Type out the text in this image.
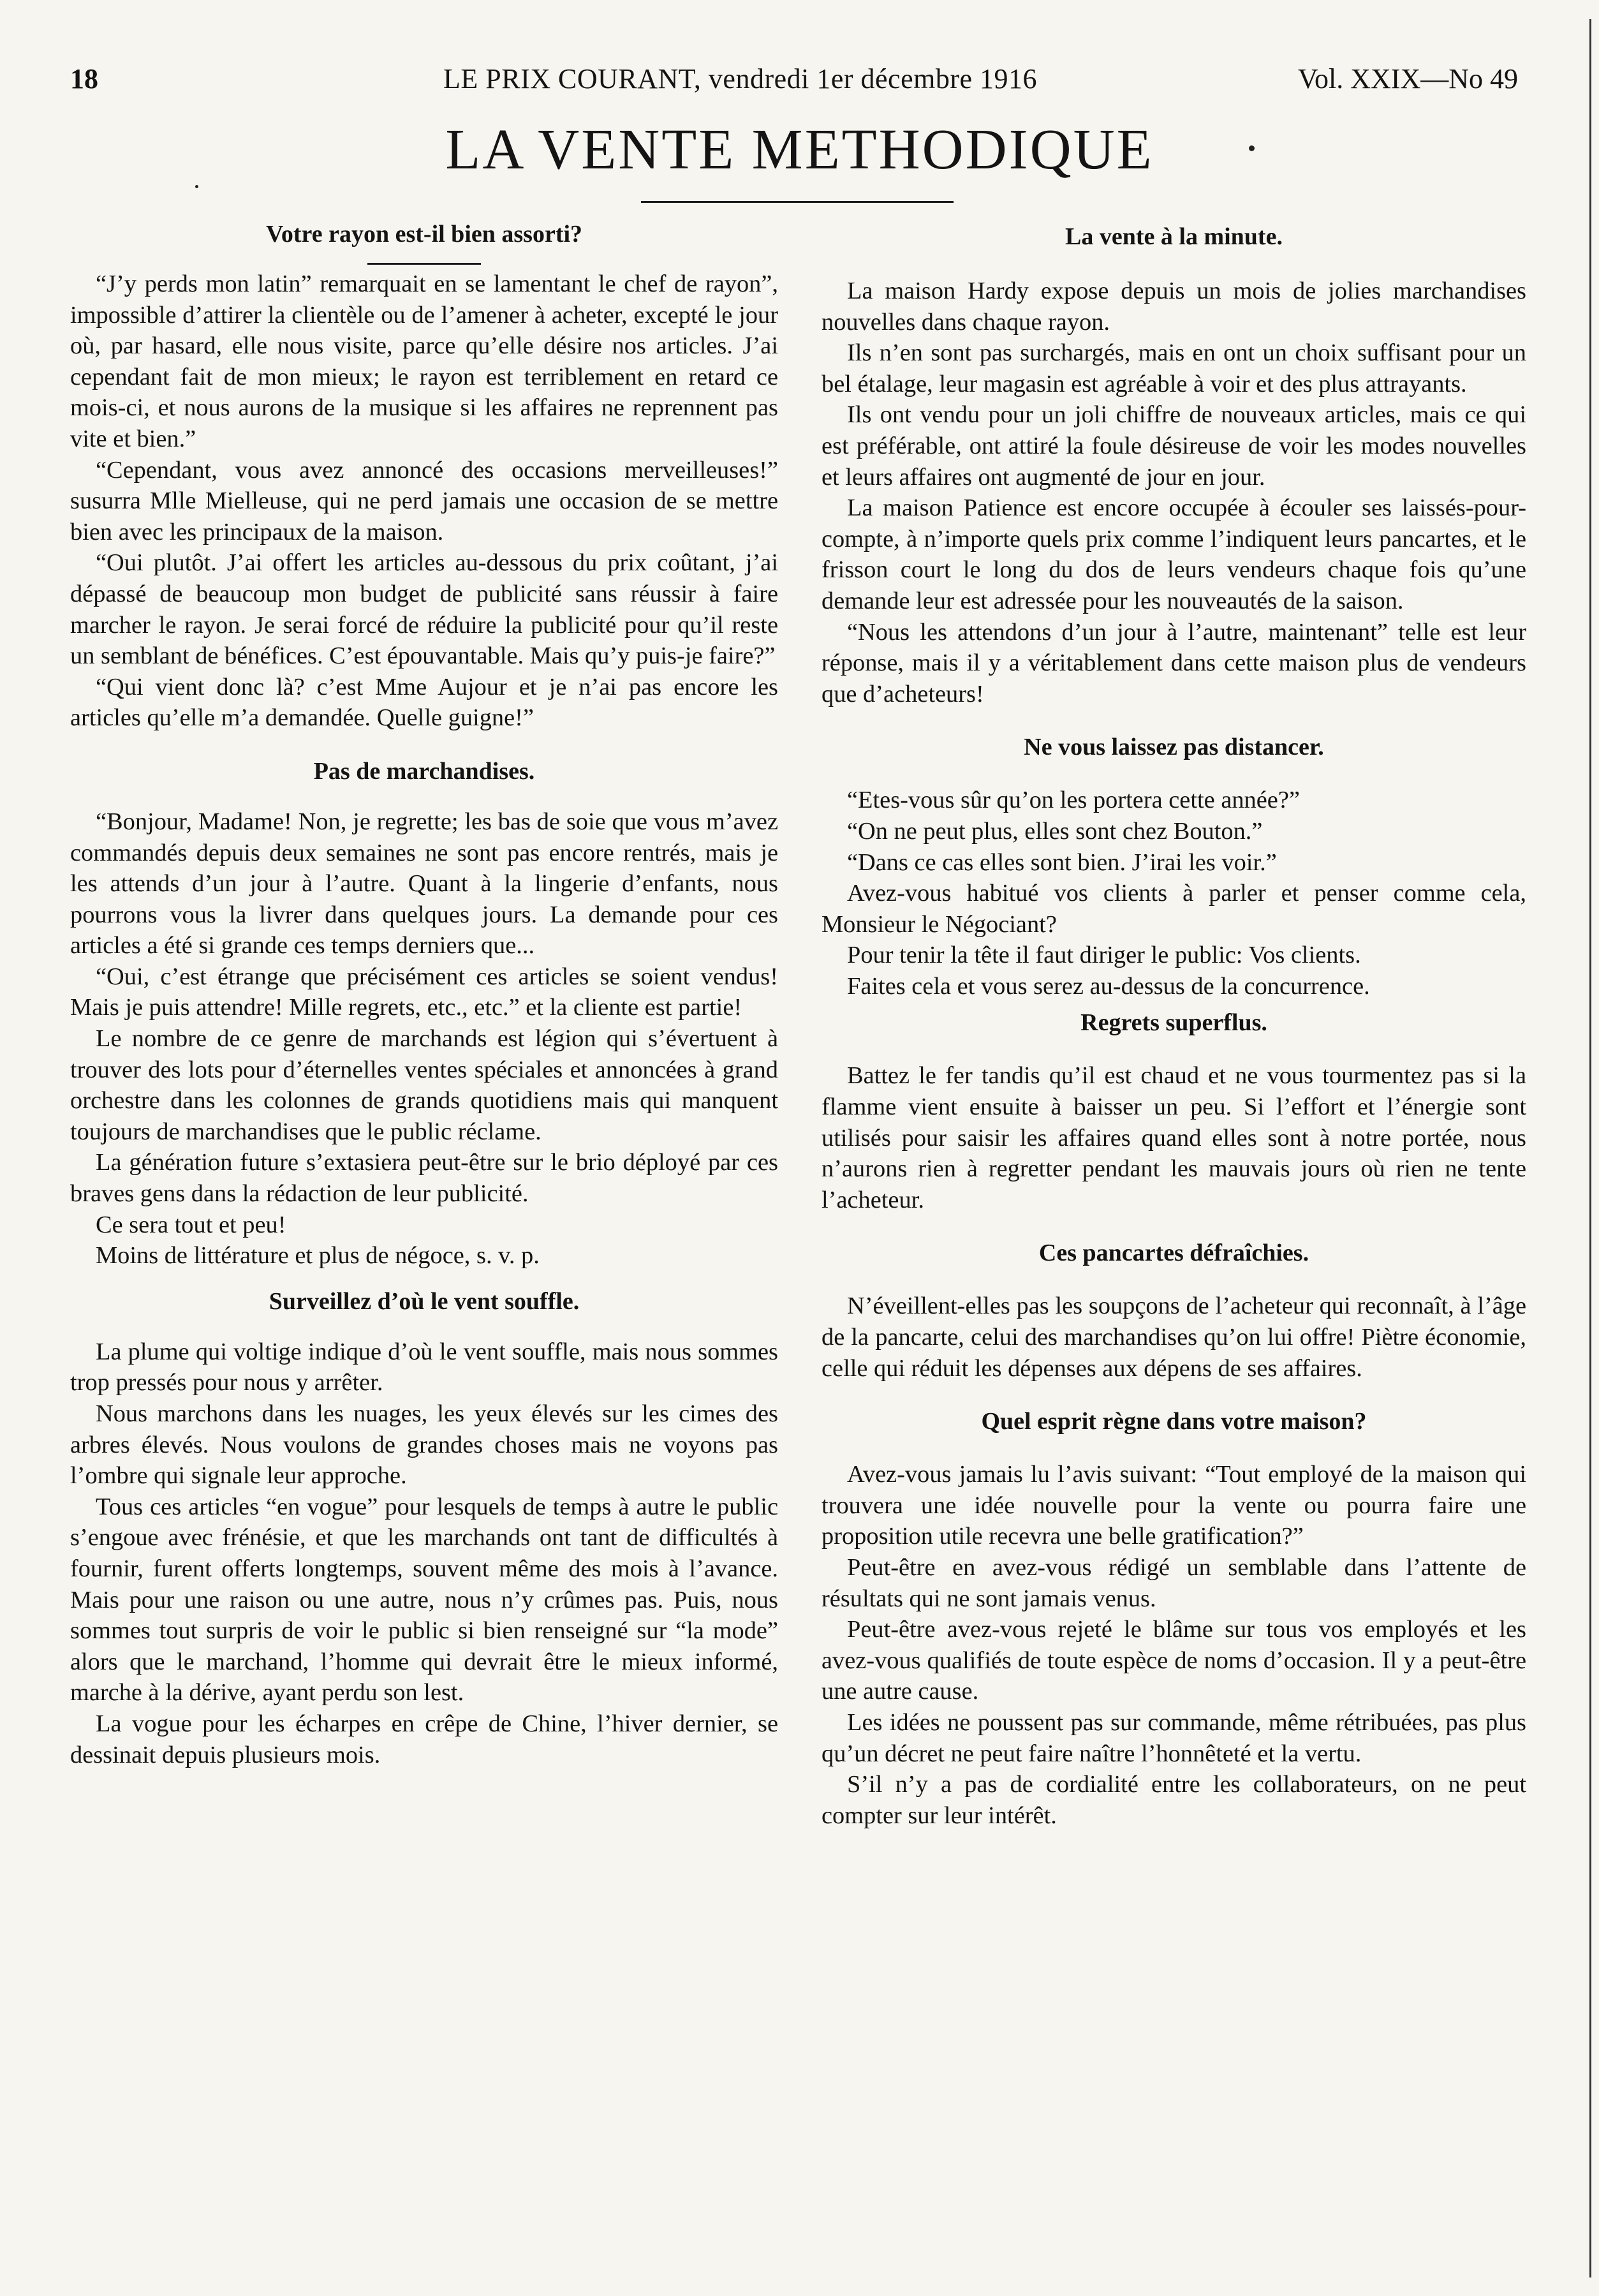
18	LE PRIX COURANT, vendredi 1er décembre 1916	Vol. XXIX—No 49
LA VENTE METHODIQUE
Votre rayon est-il bien assorti?

“J’y perds mon latin” remarquait en se lamentant le chef de rayon”, impossible d’attirer la clientèle ou de l’amener à acheter, excepté le jour où, par hasard, elle nous visite, parce qu’elle désire nos articles. J’ai cependant fait de mon mieux; le rayon est terriblement en retard ce mois-ci, et nous aurons de la musique si les affaires ne reprennent pas vite et bien.”

“Cependant, vous avez annoncé des occasions merveilleuses!” susurra Mlle Mielleuse, qui ne perd jamais une occasion de se mettre bien avec les principaux de la maison.

“Oui plutôt. J’ai offert les articles au-dessous du prix coûtant, j’ai dépassé de beaucoup mon budget de publicité sans réussir à faire marcher le rayon. Je serai forcé de réduire la publicité pour qu’il reste un semblant de bénéfices. C’est épouvantable. Mais qu’y puis-je faire?”

“Qui vient donc là? c’est Mme Aujour et je n’ai pas encore les articles qu’elle m’a demandée. Quelle guigne!”

Pas de marchandises.

“Bonjour, Madame! Non, je regrette; les bas de soie que vous m’avez commandés depuis deux semaines ne sont pas encore rentrés, mais je les attends d’un jour à l’autre. Quant à la lingerie d’enfants, nous pourrons vous la livrer dans quelques jours. La demande pour ces articles a été si grande ces temps derniers que...

“Oui, c’est étrange que précisément ces articles se soient vendus! Mais je puis attendre! Mille regrets, etc., etc.” et la cliente est partie!

Le nombre de ce genre de marchands est légion qui s’évertuent à trouver des lots pour d’éternelles ventes spéciales et annoncées à grand orchestre dans les colonnes de grands quotidiens mais qui manquent toujours de marchandises que le public réclame.

La génération future s’extasiera peut-être sur le brio déployé par ces braves gens dans la rédaction de leur publicité.

Ce sera tout et peu!

Moins de littérature et plus de négoce, s. v. p.

Surveillez d’où le vent souffle.

La plume qui voltige indique d’où le vent souffle, mais nous sommes trop pressés pour nous y arrêter.

Nous marchons dans les nuages, les yeux élevés sur les cimes des arbres élevés. Nous voulons de grandes choses mais ne voyons pas l’ombre qui signale leur approche.

Tous ces articles “en vogue” pour lesquels de temps à autre le public s’engoue avec frénésie, et que les marchands ont tant de difficultés à fournir, furent offerts longtemps, souvent même des mois à l’avance. Mais pour une raison ou une autre, nous n’y crûmes pas. Puis, nous sommes tout surpris de voir le public si bien renseigné sur “la mode” alors que le marchand, l’homme qui devrait être le mieux informé, marche à la dérive, ayant perdu son lest.

La vogue pour les écharpes en crêpe de Chine, l’hiver dernier, se dessinait depuis plusieurs mois.

La vente à la minute.

La maison Hardy expose depuis un mois de jolies marchandises nouvelles dans chaque rayon.

Ils n’en sont pas surchargés, mais en ont un choix suffisant pour un bel étalage, leur magasin est agréable à voir et des plus attrayants.

Ils ont vendu pour un joli chiffre de nouveaux articles, mais ce qui est préférable, ont attiré la foule désireuse de voir les modes nouvelles et leurs affaires ont augmenté de jour en jour.

La maison Patience est encore occupée à écouler ses laissés-pour-compte, à n’importe quels prix comme l’indiquent leurs pancartes, et le frisson court le long du dos de leurs vendeurs chaque fois qu’une demande leur est adressée pour les nouveautés de la saison.

“Nous les attendons d’un jour à l’autre, maintenant” telle est leur réponse, mais il y a véritablement dans cette maison plus de vendeurs que d’acheteurs!

Ne vous laissez pas distancer.

“Etes-vous sûr qu’on les portera cette année?”

“On ne peut plus, elles sont chez Bouton.”

“Dans ce cas elles sont bien. J’irai les voir.”

Avez-vous habitué vos clients à parler et penser comme cela, Monsieur le Négociant?

Pour tenir la tête il faut diriger le public: Vos clients.

Faites cela et vous serez au-dessus de la concurrence.

Regrets superflus.

Battez le fer tandis qu’il est chaud et ne vous tourmentez pas si la flamme vient ensuite à baisser un peu. Si l’effort et l’énergie sont utilisés pour saisir les affaires quand elles sont à notre portée, nous n’aurons rien à regretter pendant les mauvais jours où rien ne tente l’acheteur.

Ces pancartes défraîchies.

N’éveillent-elles pas les soupçons de l’acheteur qui reconnaît, à l’âge de la pancarte, celui des marchandises qu’on lui offre! Piètre économie, celle qui réduit les dépenses aux dépens de ses affaires.

Quel esprit règne dans votre maison?

Avez-vous jamais lu l’avis suivant: “Tout employé de la maison qui trouvera une idée nouvelle pour la vente ou pourra faire une proposition utile recevra une belle gratification?”

Peut-être en avez-vous rédigé un semblable dans l’attente de résultats qui ne sont jamais venus.

Peut-être avez-vous rejeté le blâme sur tous vos employés et les avez-vous qualifiés de toute espèce de noms d’occasion. Il y a peut-être une autre cause.

Les idées ne poussent pas sur commande, même rétribuées, pas plus qu’un décret ne peut faire naître l’honnêteté et la vertu.

S’il n’y a pas de cordialité entre les collaborateurs, on ne peut compter sur leur intérêt.
